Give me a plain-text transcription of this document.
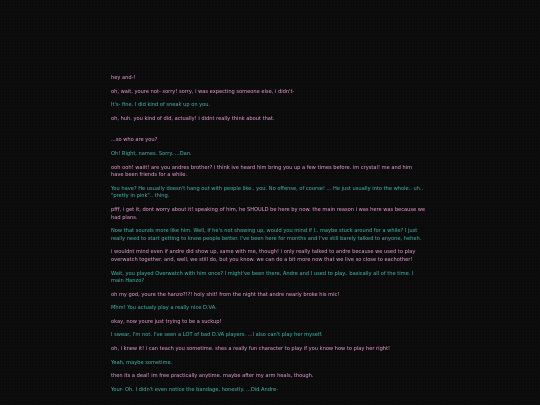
hey and-!

oh, wait, youre not- sorry! sorry, i was expecting someone else, i didn't-

It's- fine. I did kind of sneak up on you.

oh, huh. you kind of did, actually! i didnt really think about that.

...so who are you?

Oh! Right, names. Sorry. ...Dan.

ooh ooh! waiit! are you andres brother? i think ive heard him bring you up a few times before. im crystal! me and him have been friends for a while.

You have? He usually doesn't hang out with people like.. you. No offense, of course! ... He just usually into the whole.. uh.. "pretty in pink".. thing.

pfff, i get it, dont worry about it! speaking of him, he SHOULD be here by now. the main reason i was here was because we had plans.

Now that sounds more like him. Well, if he's not showing up, would you mind if I.. maybe stuck around for a while? I just really need to start getting to know people better. I've been here for months and I've still barely talked to anyone, heheh.

i wouldnt mind even if andre did show up, same with me, though! i only really talked to andre because we used to play overwatch together. and, well, we still do, but you know. we can do a bit more now that we live so close to eachother!

Wait, you played Overwatch with him once? I might've been there, Andre and I used to play.. basically all of the time. I main Hanzo?

oh my god, youre the hanzo?!?! holy shit! from the night that andre nearly broke his mic!

Mhm! You actualy play a really nice D.VA.

okay, now youre just trying to be a suckup!

I swear, I'm not. I've seen a LOT of bad D.VA players. ...I also can't play her myself.

oh, i knew it! i can teach you sometime. shes a really fun character to play if you know how to play her right!

Yeah, maybe sometime.

then its a deal! im free practically anytime. maybe after my arm heals, though.

Your- Oh. I didn't even notice the bandage, honestly. ...Did Andre-
